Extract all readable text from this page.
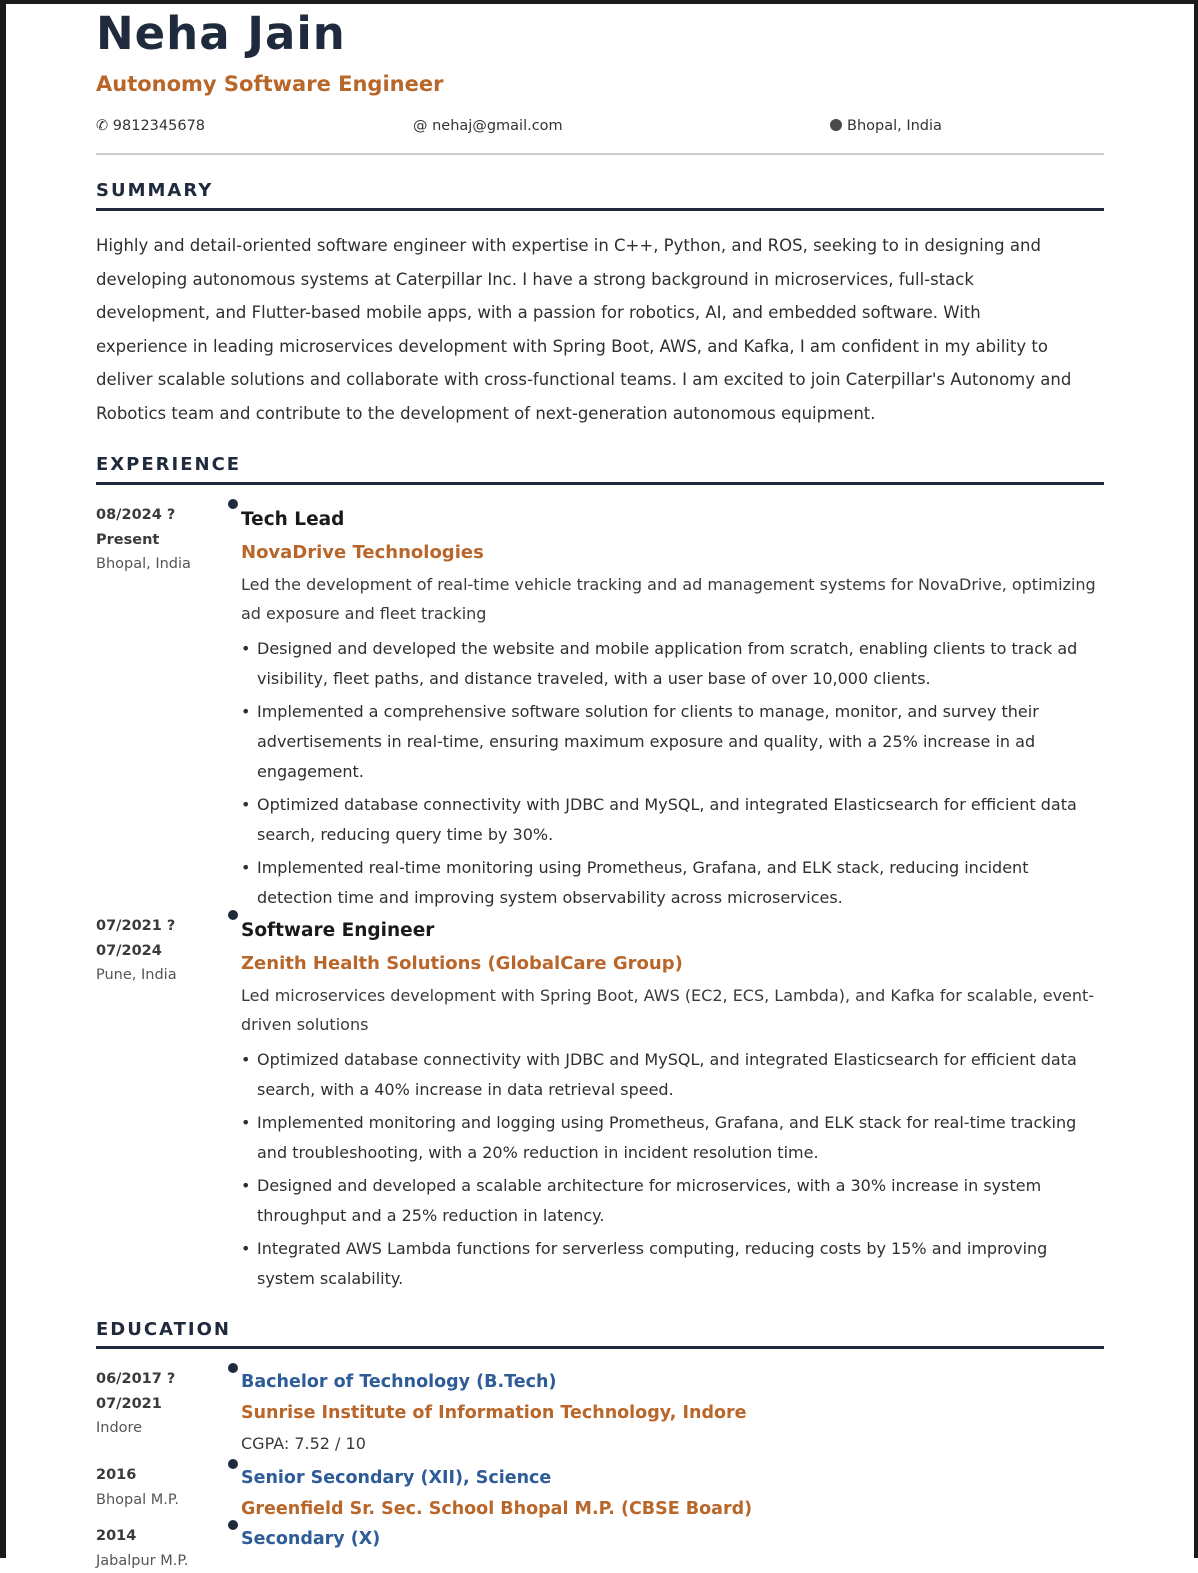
Neha Jain
Autonomy Software Engineer
✆ 9812345678	@ nehaj@gmail.com	Bhopal, India
SUMMARY
Highly and detail-oriented software engineer with expertise in C++, Python, and ROS, seeking to in designing and
developing autonomous systems at Caterpillar Inc. I have a strong background in microservices, full-stack
development, and Flutter-based mobile apps, with a passion for robotics, AI, and embedded software. With
experience in leading microservices development with Spring Boot, AWS, and Kafka, I am confident in my ability to
deliver scalable solutions and collaborate with cross-functional teams. I am excited to join Caterpillar's Autonomy and
Robotics team and contribute to the development of next-generation autonomous equipment.
EXPERIENCE
08/2024 ?
Present
Bhopal, India
Tech Lead
NovaDrive Technologies
Led the development of real-time vehicle tracking and ad management systems for NovaDrive, optimizing
ad exposure and fleet tracking
• Designed and developed the website and mobile application from scratch, enabling clients to track ad
visibility, fleet paths, and distance traveled, with a user base of over 10,000 clients.
• Implemented a comprehensive software solution for clients to manage, monitor, and survey their
advertisements in real-time, ensuring maximum exposure and quality, with a 25% increase in ad
engagement.
• Optimized database connectivity with JDBC and MySQL, and integrated Elasticsearch for efficient data
search, reducing query time by 30%.
• Implemented real-time monitoring using Prometheus, Grafana, and ELK stack, reducing incident
detection time and improving system observability across microservices.
07/2021 ?
07/2024
Pune, India
Software Engineer
Zenith Health Solutions (GlobalCare Group)
Led microservices development with Spring Boot, AWS (EC2, ECS, Lambda), and Kafka for scalable, event-
driven solutions
• Optimized database connectivity with JDBC and MySQL, and integrated Elasticsearch for efficient data
search, with a 40% increase in data retrieval speed.
• Implemented monitoring and logging using Prometheus, Grafana, and ELK stack for real-time tracking
and troubleshooting, with a 20% reduction in incident resolution time.
• Designed and developed a scalable architecture for microservices, with a 30% increase in system
throughput and a 25% reduction in latency.
• Integrated AWS Lambda functions for serverless computing, reducing costs by 15% and improving
system scalability.
EDUCATION
06/2017 ?
07/2021
Indore
Bachelor of Technology (B.Tech)
Sunrise Institute of Information Technology, Indore
CGPA: 7.52 / 10
2016
Bhopal M.P.
Senior Secondary (XII), Science
Greenfield Sr. Sec. School Bhopal M.P. (CBSE Board)
2014
Jabalpur M.P.
Secondary (X)
